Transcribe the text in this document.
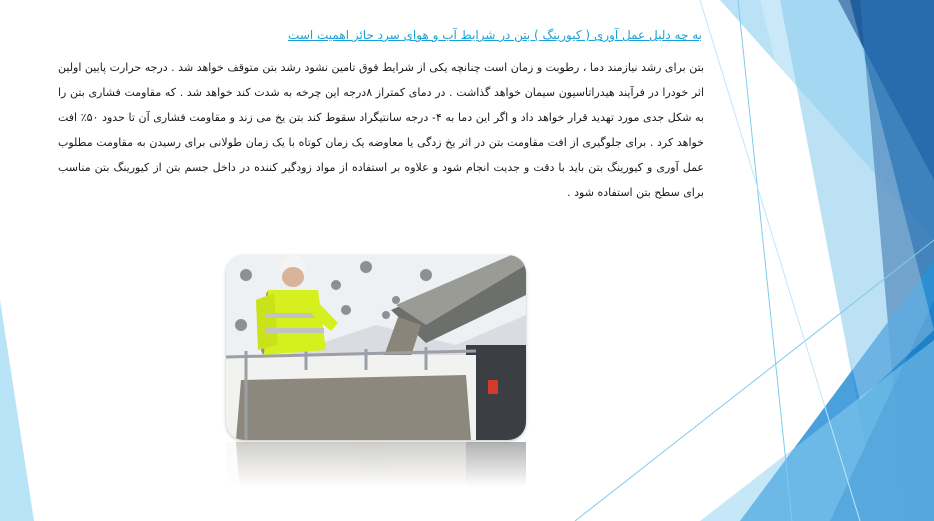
به چه دلیل عمل آوری ( کیورینگ ) بتن در شرایط آب و هوای سرد حائز اهمیت است
بتن برای رشد نیازمند دما ، رطوبت و زمان است چنانچه یکی از شرایط فوق تامین نشود رشد بتن متوقف خواهد شد . درجه حرارت پایین اولین اثر خودرا در فرآیند هیدراتاسیون سیمان خواهد گذاشت . در دمای کمتراز ۸درجه این چرخه به شدت کند خواهد شد . که مقاومت فشاری بتن را به شکل جدی مورد تهدید قرار خواهد داد و اگر این دما به ۴- درجه سانتیگراد سقوط کند بتن یخ می زند و مقاومت فشاری آن تا حدود ۵۰٪ افت خواهد کرد . برای جلوگیری از افت مقاومت بتن در اثر یخ زدگی یا معاوضه یک زمان کوتاه با یک زمان طولانی برای رسیدن به مقاومت مطلوب عمل آوری و کیورینگ بتن باید با دقت و جدیت انجام شود و علاوه بر استفاده از مواد زودگیر کننده در داخل جسم بتن از کیورینگ بتن مناسب برای سطح بتن استفاده شود .
